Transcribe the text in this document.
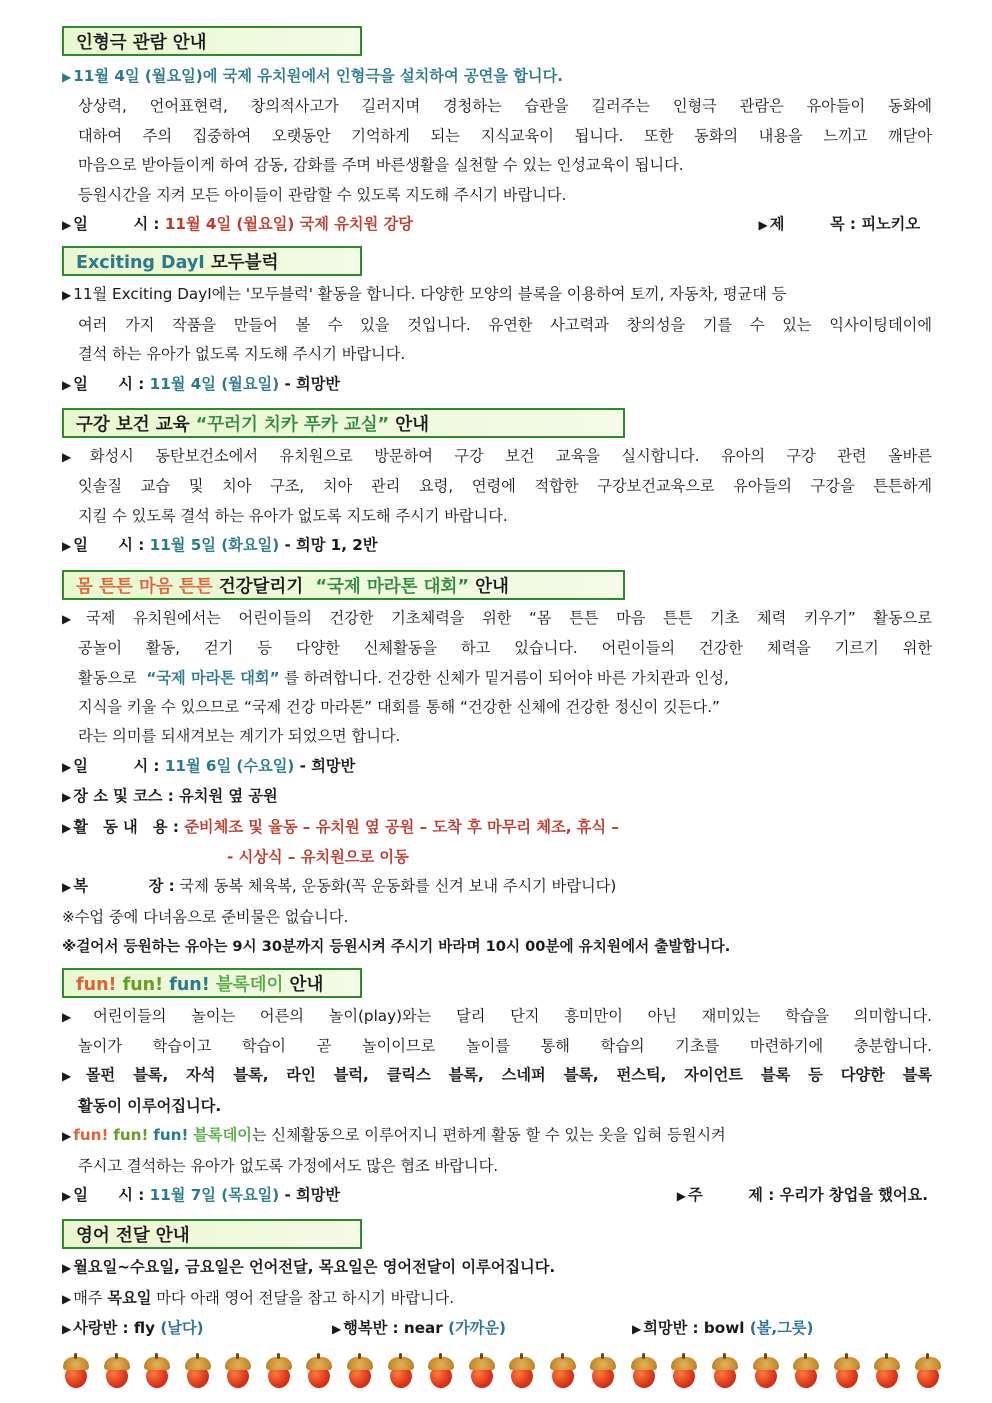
인형극 관람 안내
▶ 11월 4일 (월요일)에 국제 유치원에서 인형극을 설치하여 공연을 합니다.
상상력, 언어표현력, 창의적사고가 길러지며 경청하는 습관을 길러주는 인형극 관람은 유아들이 동화에
대하여 주의 집중하여 오랫동안 기억하게 되는 지식교육이 됩니다. 또한 동화의 내용을 느끼고 깨닫아
마음으로 받아들이게 하여 감동, 감화를 주며 바른생활을 실천할 수 있는 인성교육이 됩니다.
등원시간을 지켜 모든 아이들이 관람할 수 있도록 지도해 주시기 바랍니다.
▶ 일　　　시 : 11월 4일 (월요일) 국제 유치원 강당	▶ 제　　　목 : 피노키오
Exciting DayⅠ 모두블럭
▶ 11월 Exciting DayⅠ에는 '모두블럭' 활동을 합니다. 다양한 모양의 블록을 이용하여 토끼, 자동차, 평균대 등
여러 가지 작품을 만들어 볼 수 있을 것입니다. 유연한 사고력과 창의성을 기를 수 있는 익사이팅데이에
결석 하는 유아가 없도록 지도해 주시기 바랍니다.
▶ 일　　시 : 11월 4일 (월요일) - 희망반
구강 보건 교육 “꾸러기 치카 푸카 교실” 안내
▶ 화성시 동탄보건소에서 유치원으로 방문하여 구강 보건 교육을 실시합니다. 유아의 구강 관련 올바른
잇솔질 교습 및 치아 구조, 치아 관리 요령, 연령에 적합한 구강보건교육으로 유아들의 구강을 튼튼하게
지킬 수 있도록 결석 하는 유아가 없도록 지도해 주시기 바랍니다.
▶ 일　　시 : 11월 5일 (화요일) - 희망 1, 2반
몸 튼튼 마음 튼튼 건강달리기 “국제 마라톤 대회” 안내
▶ 국제 유치원에서는 어린이들의 건강한 기초체력을 위한 “몸 튼튼 마음 튼튼 기초 체력 키우기” 활동으로
공놀이 활동, 걷기 등 다양한 신체활동을 하고 있습니다. 어린이들의 건강한 체력을 기르기 위한
활동으로 “국제 마라톤 대회” 를 하려합니다. 건강한 신체가 밑거름이 되어야 바른 가치관과 인성,
지식을 키울 수 있으므로 “국제 건강 마라톤” 대회를 통해 “건강한 신체에 건강한 정신이 깃든다.”
라는 의미를 되새겨보는 계기가 되었으면 합니다.
▶ 일　　　시 : 11월 6일 (수요일) - 희망반
▶ 장 소 및 코스 : 유치원 옆 공원
▶ 활　동 내　용 : 준비체조 및 율동 – 유치원 옆 공원 – 도착 후 마무리 체조, 휴식 –
- 시상식 – 유치원으로 이동
▶ 복　　　　장 : 국제 동복 체육복, 운동화(꼭 운동화를 신겨 보내 주시기 바랍니다)
※수업 중에 다녀옴으로 준비물은 없습니다.
※걸어서 등원하는 유아는 9시 30분까지 등원시켜 주시기 바라며 10시 00분에 유치원에서 출발합니다.
fun! fun! fun! 블록데이 안내
▶ 어린이들의 놀이는 어른의 놀이(play)와는 달리 단지 흥미만이 아닌 재미있는 학습을 의미합니다.
놀이가 학습이고 학습이 곧 놀이이므로 놀이를 통해 학습의 기초를 마련하기에 충분합니다.
▶ 몰펀 블록, 자석 블록, 라인 블럭, 클릭스 블록, 스네퍼 블록, 펀스틱, 자이언트 블록 등 다양한 블록
활동이 이루어집니다.
▶ fun! fun! fun! 블록데이는 신체활동으로 이루어지니 편하게 활동 할 수 있는 옷을 입혀 등원시켜
주시고 결석하는 유아가 없도록 가정에서도 많은 협조 바랍니다.
▶ 일　　시 : 11월 7일 (목요일) - 희망반	▶ 주　　　제 : 우리가 창업을 했어요.
영어 전달 안내
▶ 월요일~수요일, 금요일은 언어전달, 목요일은 영어전달이 이루어집니다.
▶ 매주 목요일 마다 아래 영어 전달을 참고 하시기 바랍니다.
▶ 사랑반 : fly (날다)	▶ 행복반 : near (가까운)	▶ 희망반 : bowl (볼,그릇)
